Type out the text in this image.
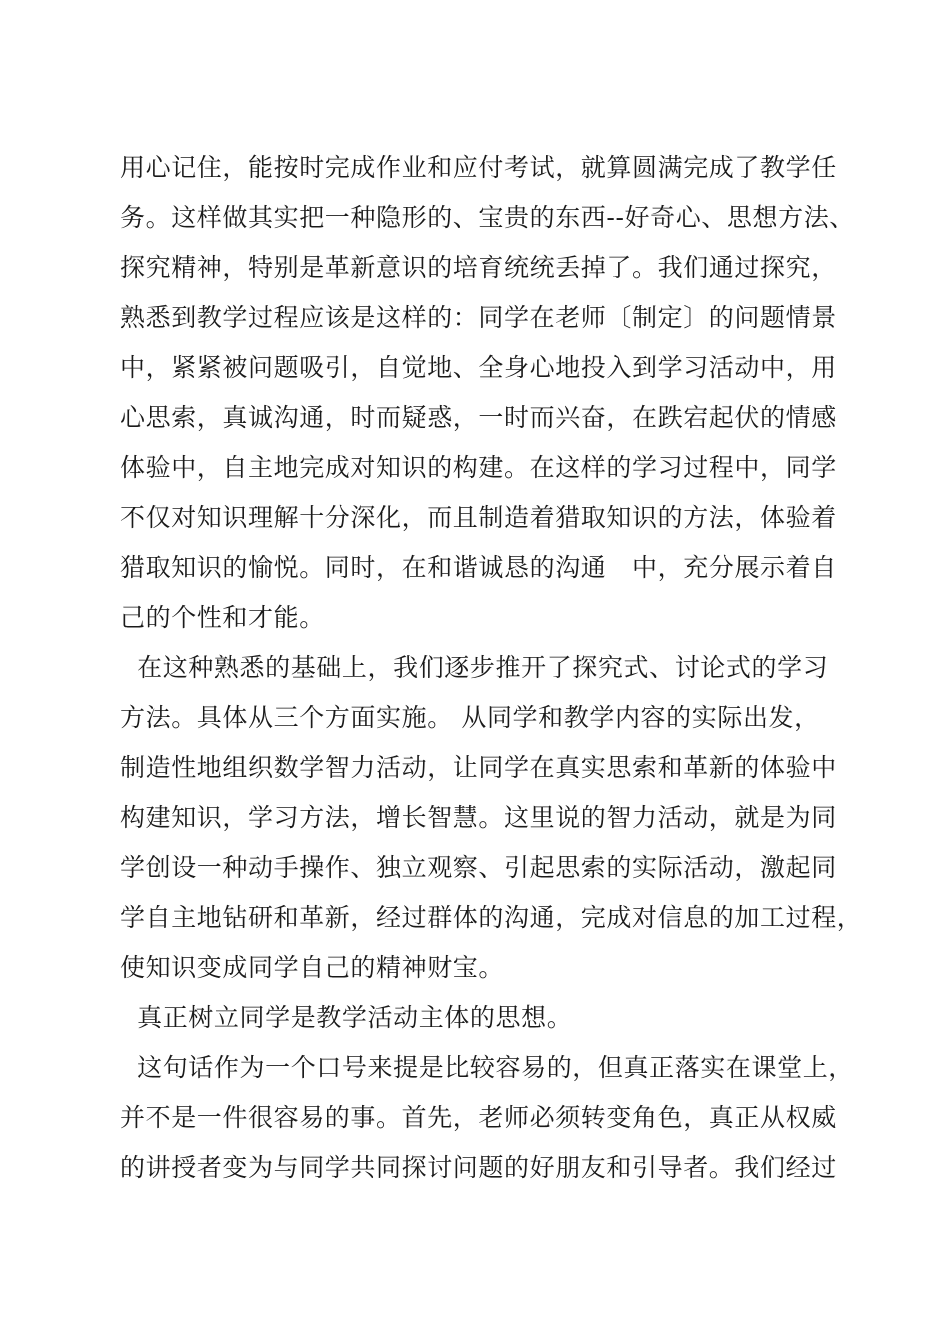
用心记住，能按时完成作业和应付考试，就算圆满完成了教学任
务。这样做其实把一种隐形的、宝贵的东西--好奇心、思想方法、
探究精神，特别是革新意识的培育统统丢掉了。我们通过探究，
熟悉到教学过程应该是这样的：同学在老师〔制定〕的问题情景
中，紧紧被问题吸引，自觉地、全身心地投入到学习活动中，用
心思索，真诚沟通，时而疑惑，一时而兴奋，在跌宕起伏的情感
体验中，自主地完成对知识的构建。在这样的学习过程中，同学
不仅对知识理解十分深化，而且制造着猎取知识的方法，体验着
猎取知识的愉悦。同时，在和谐诚恳的沟通   中，充分展示着自
己的个性和才能。
在这种熟悉的基础上，我们逐步推开了探究式、讨论式的学习
方法。具体从三个方面实施。 从同学和教学内容的实际出发，
制造性地组织数学智力活动，让同学在真实思索和革新的体验中
构建知识，学习方法，增长智慧。这里说的智力活动，就是为同
学创设一种动手操作、独立观察、引起思索的实际活动，激起同
学自主地钻研和革新，经过群体的沟通，完成对信息的加工过程，
使知识变成同学自己的精神财宝。
真正树立同学是教学活动主体的思想。
这句话作为一个口号来提是比较容易的，但真正落实在课堂上，
并不是一件很容易的事。首先，老师必须转变角色，真正从权威
的讲授者变为与同学共同探讨问题的好朋友和引导者。我们经过
